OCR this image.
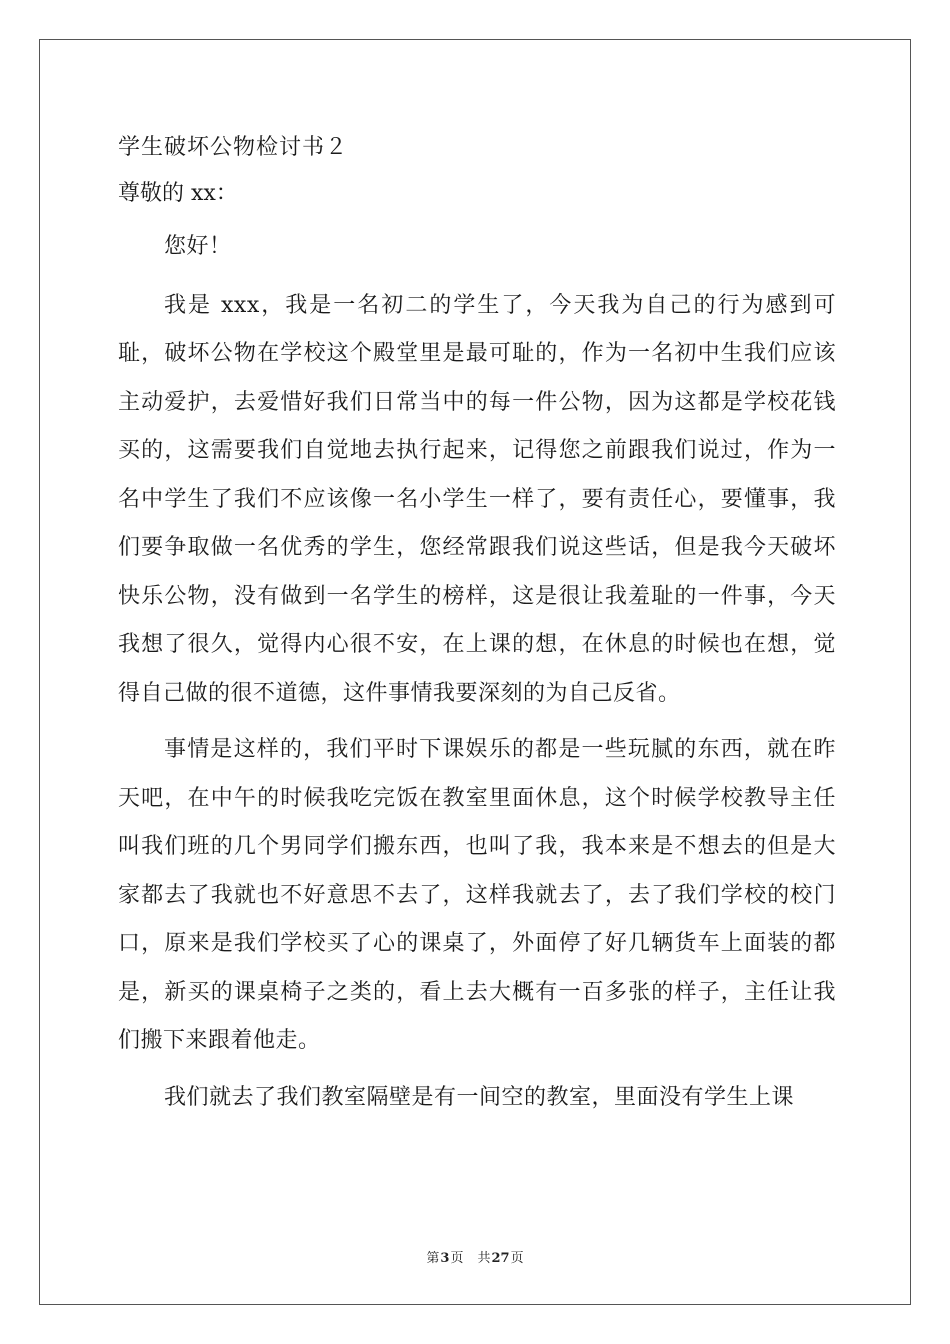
学生破坏公物检讨书２

尊敬的 xx：

您好！

我是 xxx，我是一名初二的学生了，今天我为自己的行为感到可耻，破坏公物在学校这个殿堂里是最可耻的，作为一名初中生我们应该主动爱护，去爱惜好我们日常当中的每一件公物，因为这都是学校花钱买的，这需要我们自觉地去执行起来，记得您之前跟我们说过，作为一名中学生了我们不应该像一名小学生一样了，要有责任心，要懂事，我们要争取做一名优秀的学生，您经常跟我们说这些话，但是我今天破坏快乐公物，没有做到一名学生的榜样，这是很让我羞耻的一件事，今天我想了很久，觉得内心很不安，在上课的想，在休息的时候也在想，觉得自己做的很不道德，这件事情我要深刻的为自己反省。

事情是这样的，我们平时下课娱乐的都是一些玩腻的东西，就在昨天吧，在中午的时候我吃完饭在教室里面休息，这个时候学校教导主任叫我们班的几个男同学们搬东西，也叫了我，我本来是不想去的但是大家都去了我就也不好意思不去了，这样我就去了，去了我们学校的校门口，原来是我们学校买了心的课桌了，外面停了好几辆货车上面装的都是，新买的课桌椅子之类的，看上去大概有一百多张的样子，主任让我们搬下来跟着他走。

我们就去了我们教室隔壁是有一间空的教室，里面没有学生上课

第3页 共27页
